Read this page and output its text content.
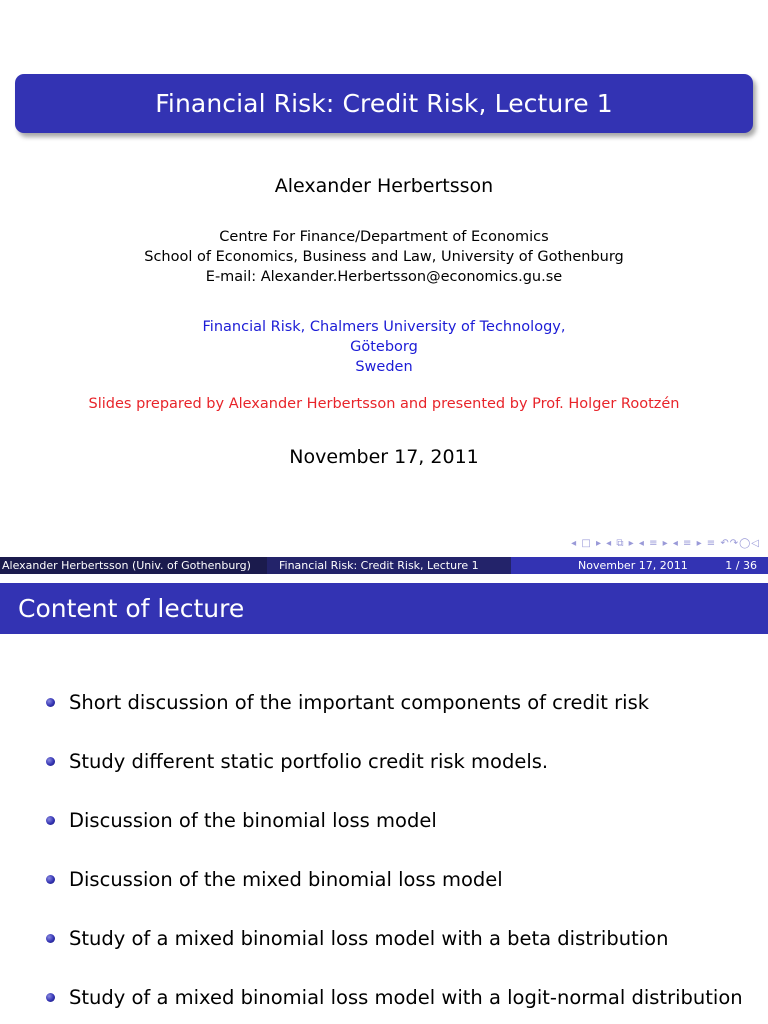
Financial Risk: Credit Risk, Lecture 1
Alexander Herbertsson
Centre For Finance/Department of Economics
School of Economics, Business and Law, University of Gothenburg
E-mail: Alexander.Herbertsson@economics.gu.se
Financial Risk, Chalmers University of Technology,
Göteborg
Sweden
Slides prepared by Alexander Herbertsson and presented by Prof. Holger Rootzén
November 17, 2011
◂ □ ▸ ◂ ⧉ ▸ ◂ ≡ ▸ ◂ ≡ ▸ ≡ ↶↷◯◁
Alexander Herbertsson (Univ. of Gothenburg)	Financial Risk: Credit Risk, Lecture 1	November 17, 2011	1 / 36
Content of lecture
Short discussion of the important components of credit risk
Study different static portfolio credit risk models.
Discussion of the binomial loss model
Discussion of the mixed binomial loss model
Study of a mixed binomial loss model with a beta distribution
Study of a mixed binomial loss model with a logit-normal distribution
